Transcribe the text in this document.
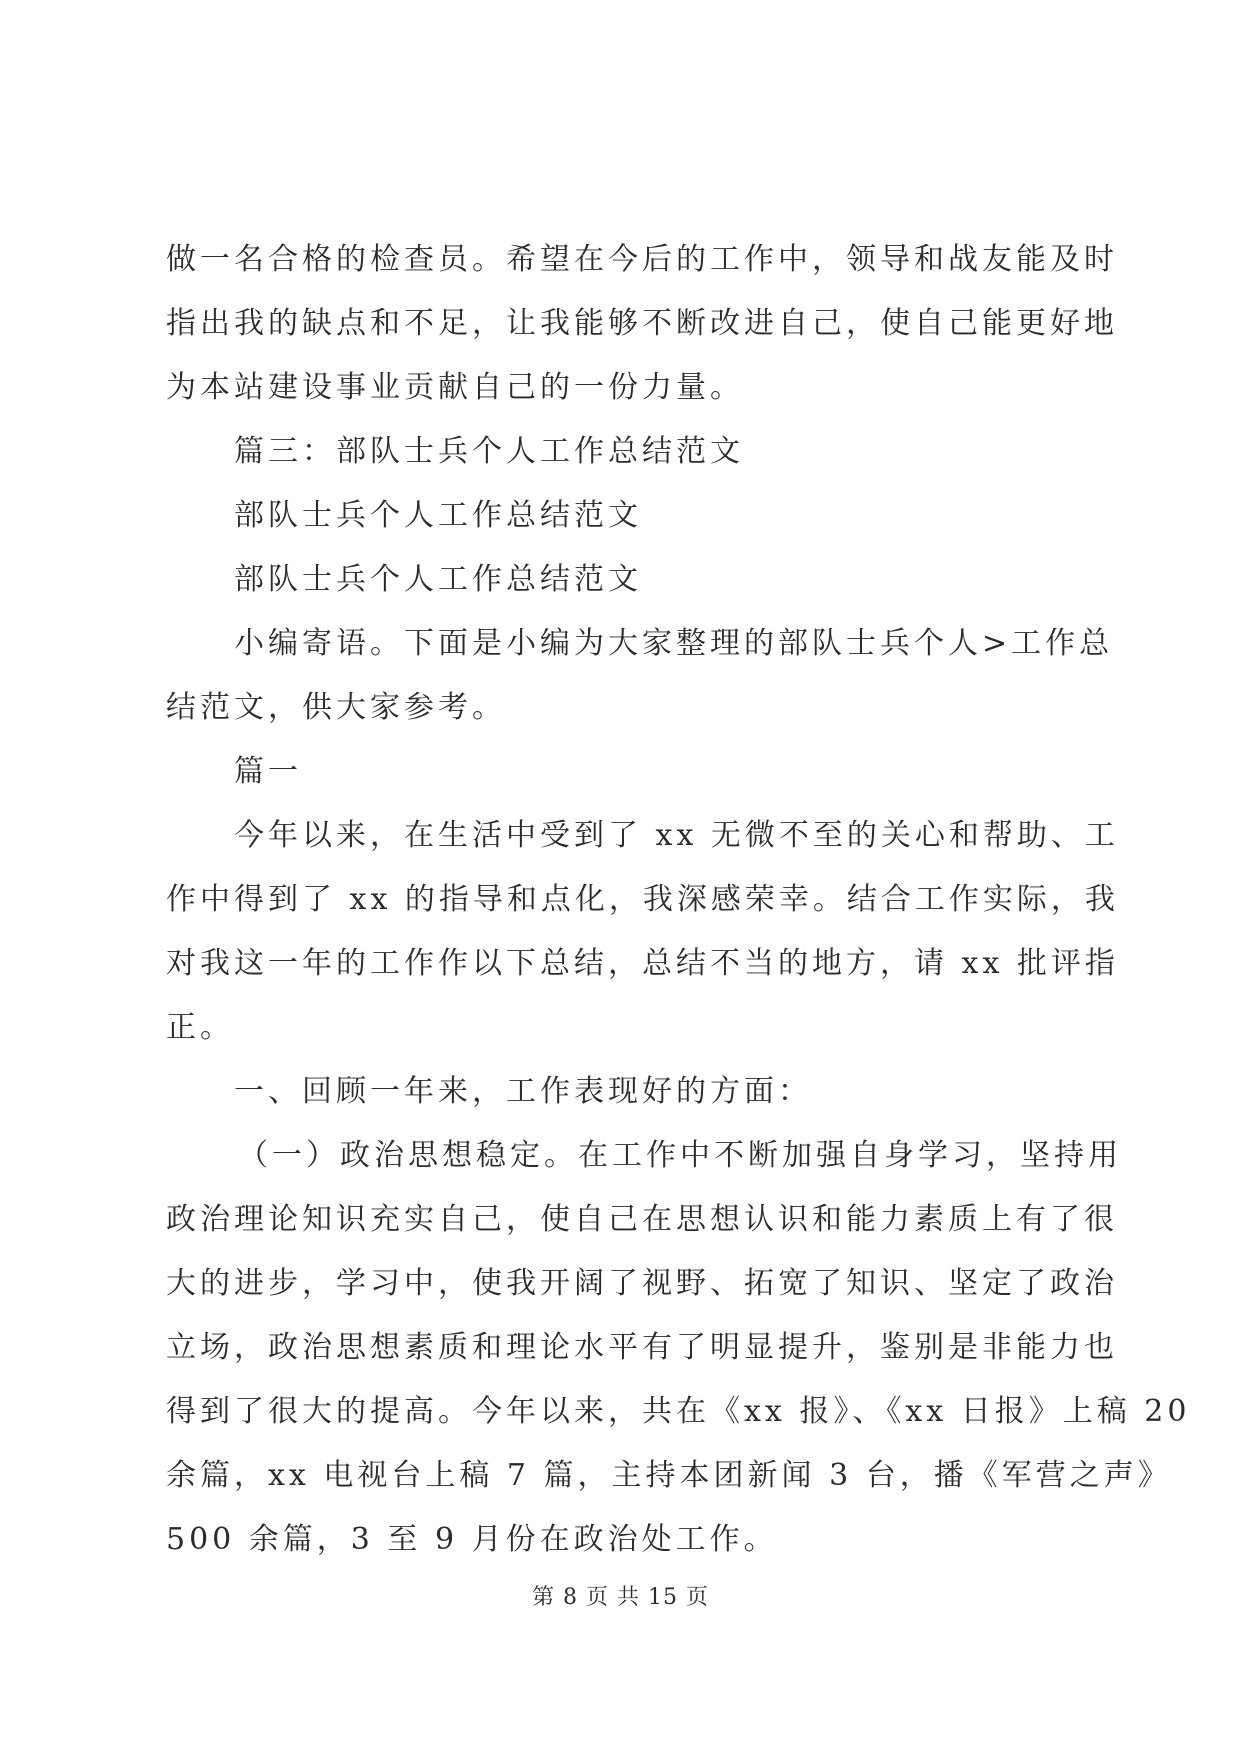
做一名合格的检查员。希望在今后的工作中，领导和战友能及时
指出我的缺点和不足，让我能够不断改进自己，使自己能更好地
为本站建设事业贡献自己的一份力量。
篇三：部队士兵个人工作总结范文
部队士兵个人工作总结范文
部队士兵个人工作总结范文
小编寄语。下面是小编为大家整理的部队士兵个人>工作总
结范文，供大家参考。
篇一
今年以来，在生活中受到了 xx 无微不至的关心和帮助、工
作中得到了 xx 的指导和点化，我深感荣幸。结合工作实际，我
对我这一年的工作作以下总结，总结不当的地方，请 xx 批评指
正。
一、回顾一年来，工作表现好的方面：
（一）政治思想稳定。在工作中不断加强自身学习，坚持用
政治理论知识充实自己，使自己在思想认识和能力素质上有了很
大的进步，学习中，使我开阔了视野、拓宽了知识、坚定了政治
立场，政治思想素质和理论水平有了明显提升，鉴别是非能力也
得到了很大的提高。今年以来，共在《xx 报》、《xx 日报》上稿 20
余篇，xx 电视台上稿 7 篇，主持本团新闻 3 台，播《军营之声》
500 余篇，3 至 9 月份在政治处工作。
第 8 页 共 15 页
